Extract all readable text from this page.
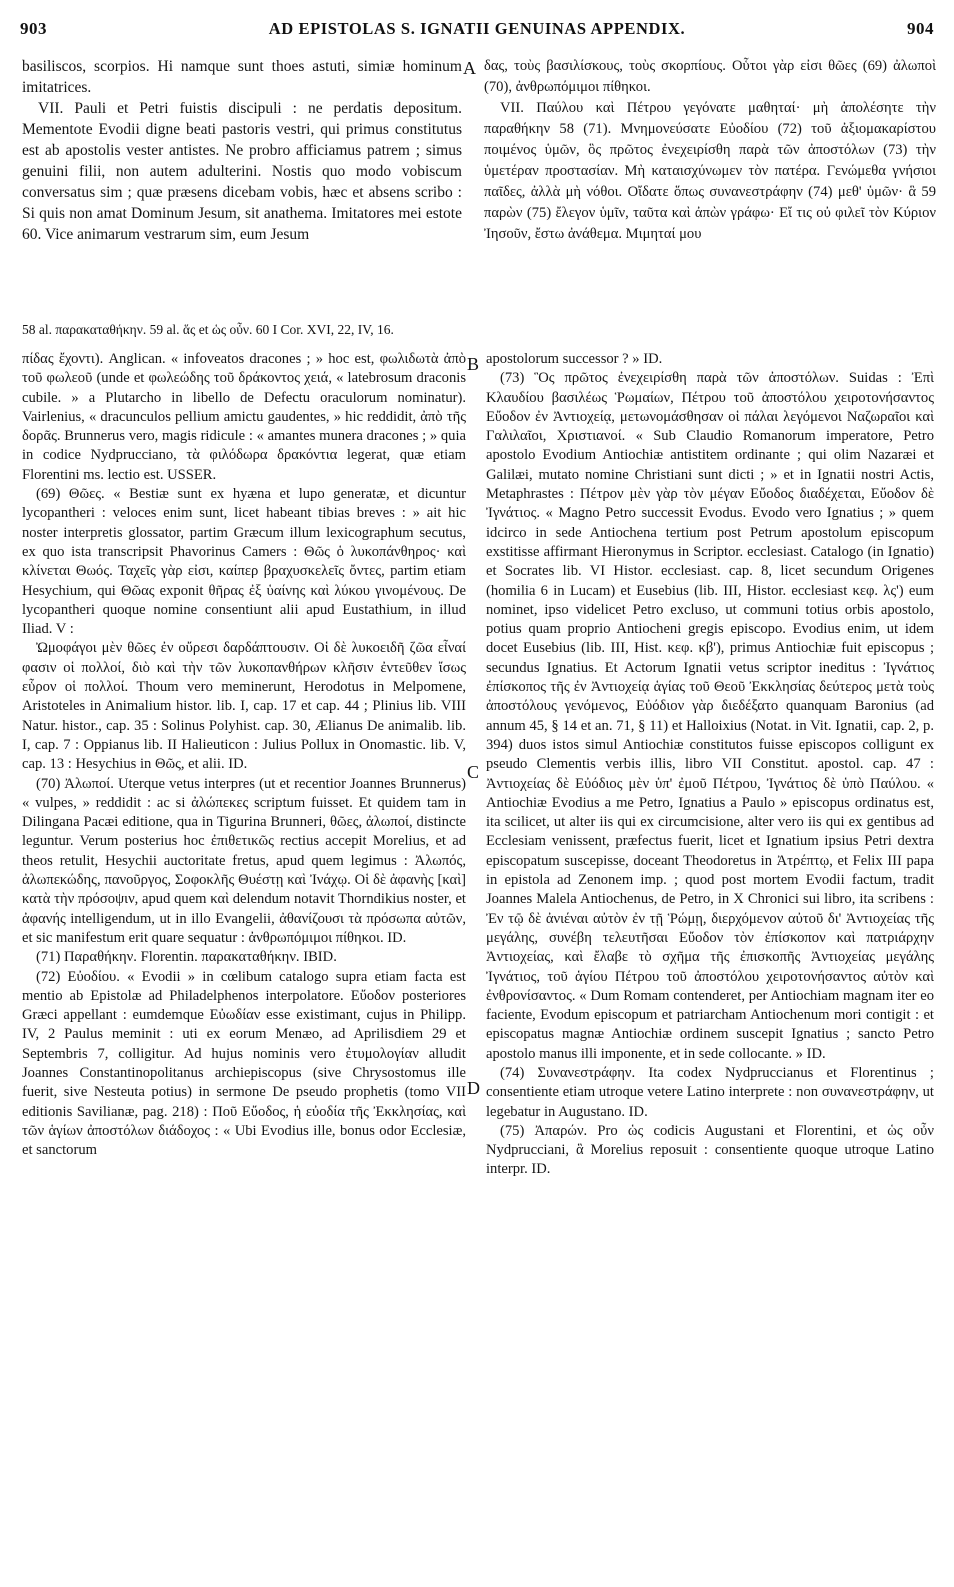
903	AD EPISTOLAS S. IGNATII GENUINAS APPENDIX.	904

basiliscos, scorpios. Hi namque sunt thoes astuti, simiæ hominum imitatrices.

VII. Pauli et Petri fuistis discipuli : ne perdatis depositum. Mementote Evodii digne beati pastoris vestri, qui primus constitutus est ab apostolis vester antistes. Ne probro afficiamus patrem ; simus genuini filii, non autem adulterini. Nostis quo modo vobiscum conversatus sim ; quæ præsens dicebam vobis, hæc et absens scribo : Si quis non amat Dominum Jesum, sit anathema. Imitatores mei estote 60. Vice animarum vestrarum sim, eum Jesum

A δας, τοὺς βασιλίσκους, τοὺς σκορπίους. Οὗτοι γὰρ εἰσι θῶες (69) ἀλωποὶ (70), ἀνθρωπόμιμοι πίθηκοι.

VII. Παύλου καὶ Πέτρου γεγόνατε μαθηταί· μὴ ἀπολέσητε τὴν παραθήκην 58 (71). Μνημονεύσατε Εὐοδίου (72) τοῦ ἀξιομακαρίστου ποιμένος ὑμῶν, ὃς πρῶτος ἐνεχειρίσθη παρὰ τῶν ἀποστόλων (73) τὴν ὑμετέραν προστασίαν. Μὴ καταισχύνωμεν τὸν πατέρα. Γενώμεθα γνήσιοι παῖδες, ἀλλὰ μὴ νόθοι. Οἴδατε ὅπως συνανεστράφην (74) μεθ' ὑμῶν· ἃ 59 παρὼν (75) ἔλεγον ὑμῖν, ταῦτα καὶ ἀπὼν γράφω· Εἴ τις οὐ φιλεῖ τὸν Κύριον Ἰησοῦν, ἔστω ἀνάθεμα. Μιμηταί μου

58 al. παρακαταθήκην. 59 al. ἅς et ὡς οὖν. 60 I Cor. XVI, 22, IV, 16.

πίδας ἔχοντι). Anglican. « infoveatos dracones ; » hoc est, φωλιδωτὰ ἀπὸ τοῦ φωλεοῦ (unde et φωλεώδης τοῦ δράκοντος χειά, « latebrosum draconis cubile. » a Plutarcho in libello de Defectu oraculorum nominatur). Vairlenius, « dracunculos pellium amictu gaudentes, » hic reddidit, ἀπὸ τῆς δορᾶς. Brunnerus vero, magis ridicule : « amantes munera dracones ; » quia in codice Nydprucciano, τὰ φιλόδωρα δρακόντια legerat, quæ etiam Florentini ms. lectio est. USSER.

(69) Θῶες. « Bestiæ sunt ex hyæna et lupo generatæ, et dicuntur lycopantheri : veloces enim sunt, licet habeant tibias breves : » ait hic noster interpretis glossator, partim Græcum illum lexicographum secutus, ex quo ista transcripsit Phavorinus Camers : Θῶς ὁ λυκοπάνθηρος· καὶ κλίνεται Θωός. Ταχεῖς γὰρ εἰσι, καίπερ βραχυσκελεῖς ὄντες, partim etiam Hesychium, qui Θῶας exponit θῆρας ἐξ ὑαίνης καὶ λύκου γινομένους. De lycopantheri quoque nomine consentiunt alii apud Eustathium, in illud Iliad. V :

Ὠμοφάγοι μὲν θῶες ἐν οὔρεσι δαρδάπτουσιν. Οἱ δὲ λυκοειδῆ ζῶα εἶναί φασιν οἱ πολλοί, διὸ καὶ τὴν τῶν λυκοπανθήρων κλῆσιν ἐντεῦθεν ἴσως εὗρον οἱ πολλοί. Thoum vero meminerunt, Herodotus in Melpomene, Aristoteles in Animalium histor. lib. I, cap. 17 et cap. 44 ; Plinius lib. VIII Natur. histor., cap. 35 : Solinus Polyhist. cap. 30, Ælianus De animalib. lib. I, cap. 7 : Oppianus lib. II Halieuticon : Julius Pollux in Onomastic. lib. V, cap. 13 : Hesychius in Θῶς, et alii. ID.

(70) Ἀλωποί. Uterque vetus interpres (ut et recentior Joannes Brunnerus) « vulpes, » reddidit : ac si ἀλώπεκες scriptum fuisset. Et quidem tam in Dilingana Pacæi editione, qua in Tigurina Brunneri, θῶες, ἀλωποί, distincte leguntur. Verum posterius hoc ἐπιθετικῶς rectius accepit Morelius, et ad theos retulit, Hesychii auctoritate fretus, apud quem legimus : Ἀλωπός, ἀλωπεκώδης, πανοῦργος, Σοφοκλῆς Θυέστῃ καὶ Ἰνάχῳ. Οἱ δὲ ἀφανὴς [καὶ] κατὰ τὴν πρόσοψιν, apud quem καὶ delendum notavit Thorndikius noster, et ἀφανής intelligendum, ut in illo Evangelii, ἀθανίζουσι τὰ πρόσωπα αὐτῶν, et sic manifestum erit quare sequatur : ἀνθρωπόμιμοι πίθηκοι. ID.

(71) Παραθήκην. Florentin. παρακαταθήκην. IBID.

(72) Εὐοδίου. « Evodii » in cœlibum catalogo supra etiam facta est mentio ab Epistolæ ad Philadelphenos interpolatore. Εὔοδον posteriores Græci appellant : eumdemque Εὐωδίαν esse existimant, cujus in Philipp. IV, 2 Paulus meminit : uti ex eorum Menæo, ad Aprilisdiem 29 et Septembris 7, colligitur. Ad hujus nominis vero ἐτυμολογίαν alludit Joannes Constantinopolitanus archiepiscopus (sive Chrysostomus ille fuerit, sive Nesteuta potius) in sermone De pseudo prophetis (tomo VII editionis Savilianæ, pag. 218) : Ποῦ Εὔοδος, ἡ εὐοδία τῆς Ἐκκλησίας, καὶ τῶν ἁγίων ἀποστόλων διάδοχος : « Ubi Evodius ille, bonus odor Ecclesiæ, et sanctorum

B
C
D

apostolorum successor ? » ID.

(73) Ὃς πρῶτος ἐνεχειρίσθη παρὰ τῶν ἀποστόλων. Suidas : Ἐπὶ Κλαυδίου βασιλέως Ῥωμαίων, Πέτρου τοῦ ἀποστόλου χειροτονήσαντος Εὔοδον ἐν Ἀντιοχείᾳ, μετωνομάσθησαν οἱ πάλαι λεγόμενοι Ναζωραῖοι καὶ Γαλιλαῖοι, Χριστιανοί. « Sub Claudio Romanorum imperatore, Petro apostolo Evodium Antiochiæ antistitem ordinante ; qui olim Nazaræi et Galilæi, mutato nomine Christiani sunt dicti ; » et in Ignatii nostri Actis, Metaphrastes : Πέτρον μὲν γὰρ τὸν μέγαν Εὔοδος διαδέχεται, Εὔοδον δὲ Ἰγνάτιος. « Magno Petro successit Evodus. Evodo vero Ignatius ; » quem idcirco in sede Antiochena tertium post Petrum apostolum episcopum exstitisse affirmant Hieronymus in Scriptor. ecclesiast. Catalogo (in Ignatio) et Socrates lib. VI Histor. ecclesiast. cap. 8, licet secundum Origenes (homilia 6 in Lucam) et Eusebius (lib. III, Histor. ecclesiast κεφ. λς') eum nominet, ipso videlicet Petro excluso, ut communi totius orbis apostolo, potius quam proprio Antiocheni gregis episcopo. Evodius enim, ut idem docet Eusebius (lib. III, Hist. κεφ. κβ'), primus Antiochiæ fuit episcopus ; secundus Ignatius. Et Actorum Ignatii vetus scriptor ineditus : Ἰγνάτιος ἐπίσκοπος τῆς ἐν Ἀντιοχείᾳ ἁγίας τοῦ Θεοῦ Ἐκκλησίας δεύτερος μετὰ τοὺς ἀποστόλους γενόμενος, Εὐόδιον γὰρ διεδέξατο quanquam Baronius (ad annum 45, § 14 et an. 71, § 11) et Halloixius (Notat. in Vit. Ignatii, cap. 2, p. 394) duos istos simul Antiochiæ constitutos fuisse episcopos colligunt ex pseudo Clementis verbis illis, libro VII Constitut. apostol. cap. 47 : Ἀντιοχείας δὲ Εὐόδιος μὲν ὑπ' ἐμοῦ Πέτρου, Ἰγνάτιος δὲ ὑπὸ Παύλου. « Antiochiæ Evodius a me Petro, Ignatius a Paulo » episcopus ordinatus est, ita scilicet, ut alter iis qui ex circumcisione, alter vero iis qui ex gentibus ad Ecclesiam venissent, præfectus fuerit, licet et Ignatium ipsius Petri dextra episcopatum suscepisse, doceant Theodoretus in Ἀτρέπτῳ, et Felix III papa in epistola ad Zenonem imp. ; quod post mortem Evodii factum, tradit Joannes Malela Antiochenus, de Petro, in X Chronici sui libro, ita scribens : Ἐν τῷ δὲ ἀνιέναι αὐτὸν ἐν τῇ Ῥώμῃ, διερχόμενον αὐτοῦ δι' Ἀντιοχείας τῆς μεγάλης, συνέβη τελευτῆσαι Εὔοδον τὸν ἐπίσκοπον καὶ πατριάρχην Ἀντιοχείας, καὶ ἔλαβε τὸ σχῆμα τῆς ἐπισκοπῆς Ἀντιοχείας μεγάλης Ἰγνάτιος, τοῦ ἁγίου Πέτρου τοῦ ἀποστόλου χειροτονήσαντος αὐτὸν καὶ ἐνθρονίσαντος. « Dum Romam contenderet, per Antiochiam magnam iter eo faciente, Evodum episcopum et patriarcham Antiochenum mori contigit : et episcopatus magnæ Antiochiæ ordinem suscepit Ignatius ; sancto Petro apostolo manus illi imponente, et in sede collocante. » ID.

(74) Συνανεστράφην. Ita codex Nydpruccianus et Florentinus ; consentiente etiam utroque vetere Latino interprete : non συνανεστράφην, ut legebatur in Augustano. ID.

(75) Ἀπαρών. Pro ὡς codicis Augustani et Florentini, et ὡς οὖν Nydprucciani, ἃ Morelius reposuit : consentiente quoque utroque Latino interpr. ID.
